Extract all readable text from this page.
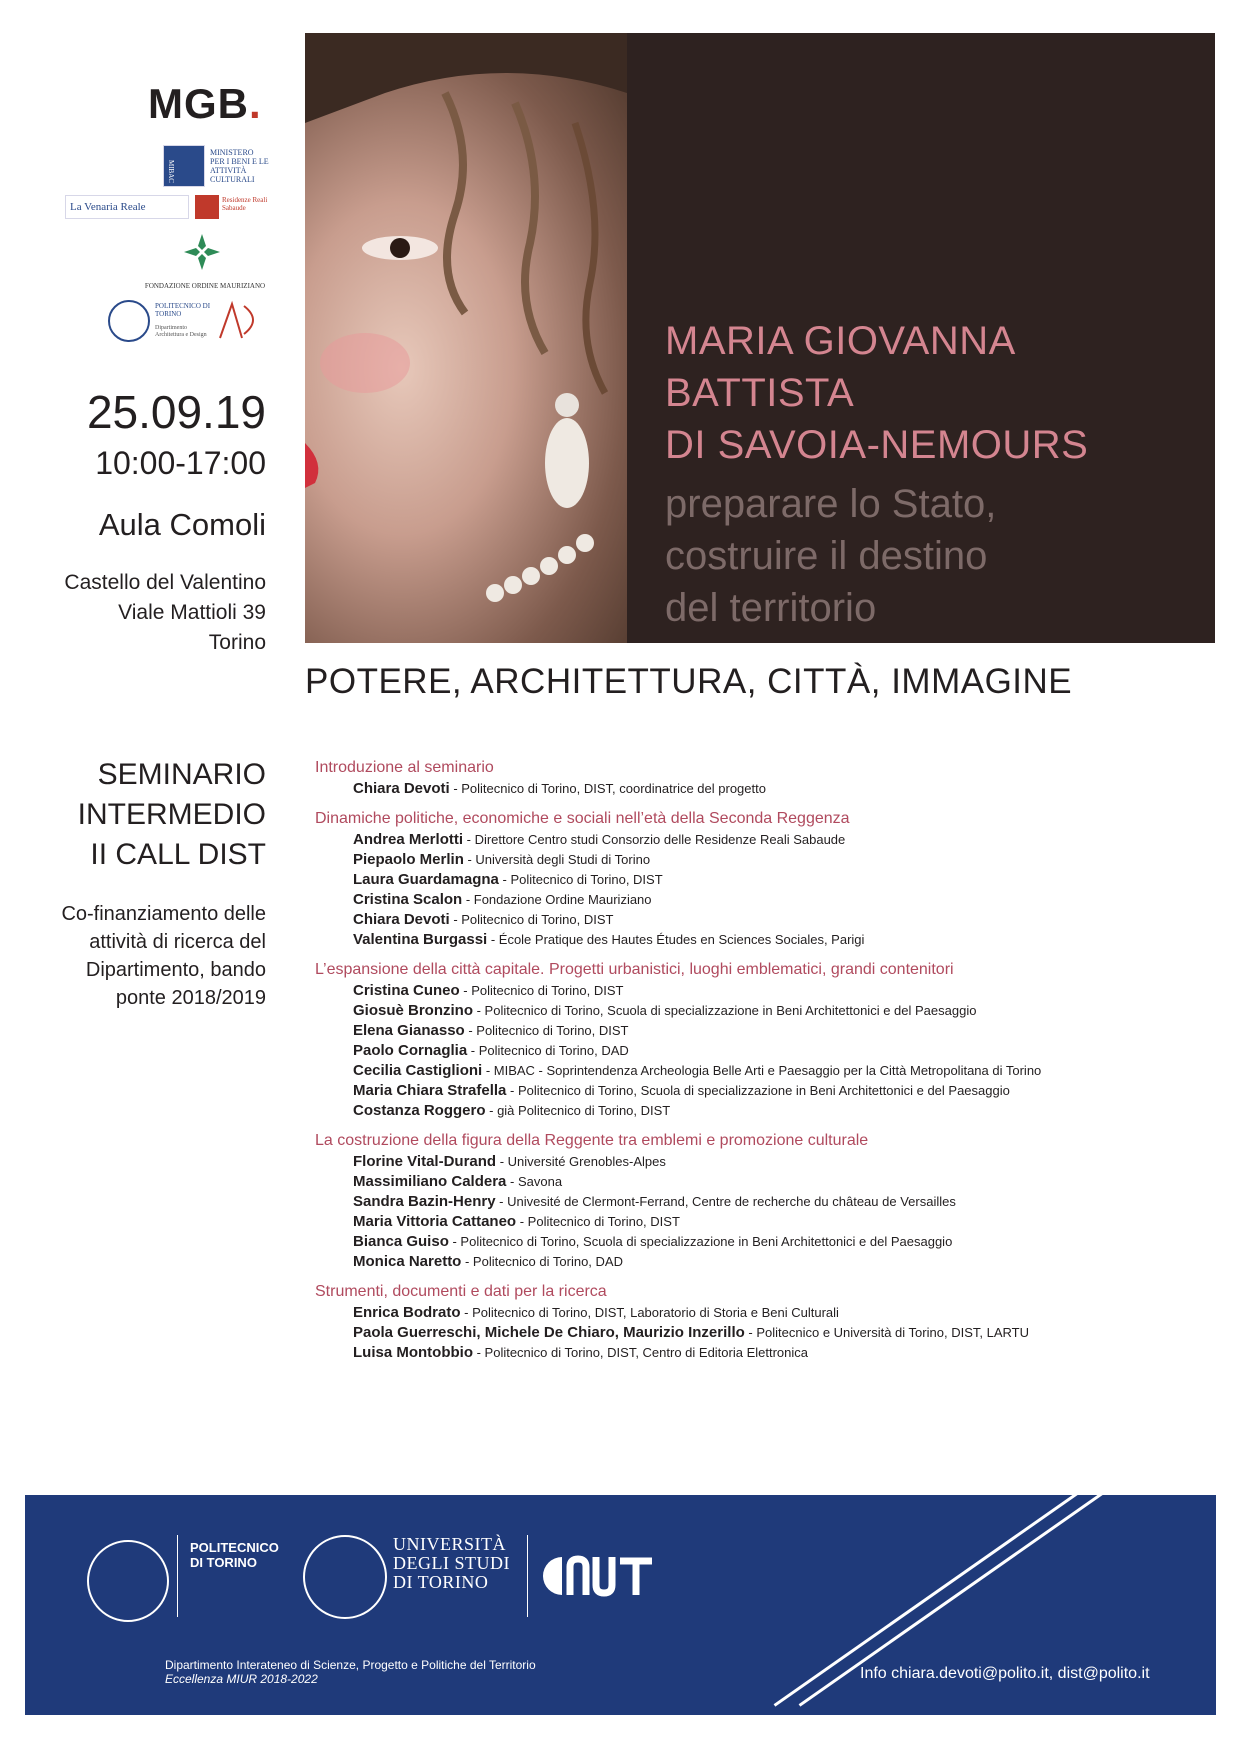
MGB.
MIBAC
MINISTERO PER I BENI E LE ATTIVITÀ CULTURALI
La Venaria Reale
Residenze Reali Sabaude
FONDAZIONE ORDINE MAURIZIANO
POLITECNICO DI TORINO
Dipartimento Architettura e Design
25.09.19
10:00-17:00
Aula Comoli
Castello del Valentino
Viale Mattioli 39
Torino
SEMINARIO
INTERMEDIO
II CALL DIST
Co-finanziamento delle
attività di ricerca del
Dipartimento, bando
ponte 2018/2019
MARIA GIOVANNA
BATTISTA
DI SAVOIA-NEMOURS
preparare lo Stato,
costruire il destino
del territorio
POTERE, ARCHITETTURA, CITTÀ, IMMAGINE
Introduzione al seminario
Chiara Devoti - Politecnico di Torino, DIST, coordinatrice del progetto
Dinamiche politiche, economiche e sociali nell’età della Seconda Reggenza
Andrea Merlotti - Direttore Centro studi Consorzio delle Residenze Reali Sabaude
Piepaolo Merlin - Università degli Studi di Torino
Laura Guardamagna - Politecnico di Torino, DIST
Cristina Scalon - Fondazione Ordine Mauriziano
Chiara Devoti - Politecnico di Torino, DIST
Valentina Burgassi - École Pratique des Hautes Études en Sciences Sociales, Parigi
L’espansione della città capitale. Progetti urbanistici, luoghi emblematici, grandi contenitori
Cristina Cuneo - Politecnico di Torino, DIST
Giosuè Bronzino - Politecnico di Torino, Scuola di specializzazione in Beni Architettonici e del Paesaggio
Elena Gianasso - Politecnico di Torino, DIST
Paolo Cornaglia - Politecnico di Torino, DAD
Cecilia Castiglioni - MIBAC - Soprintendenza Archeologia Belle Arti e Paesaggio per la Città Metropolitana di Torino
Maria Chiara Strafella - Politecnico di Torino, Scuola di specializzazione in Beni Architettonici e del Paesaggio
Costanza Roggero - già Politecnico di Torino, DIST
La costruzione della figura della Reggente tra emblemi e promozione culturale
Florine Vital-Durand - Université Grenobles-Alpes
Massimiliano Caldera - Savona
Sandra Bazin-Henry - Univesité de Clermont-Ferrand, Centre de recherche du château de Versailles
Maria Vittoria Cattaneo - Politecnico di Torino, DIST
Bianca Guiso - Politecnico di Torino, Scuola di specializzazione in Beni Architettonici e del Paesaggio
Monica Naretto - Politecnico di Torino, DAD
Strumenti, documenti e dati per la ricerca
Enrica Bodrato - Politecnico di Torino, DIST, Laboratorio di Storia e Beni Culturali
Paola Guerreschi, Michele De Chiaro, Maurizio Inzerillo - Politecnico e Università di Torino, DIST, LARTU
Luisa Montobbio - Politecnico di Torino, DIST, Centro di Editoria Elettronica
POLITECNICO
DI TORINO
UNIVERSITÀ
DEGLI STUDI
DI TORINO
Dipartimento Interateneo di Scienze, Progetto e Politiche del Territorio
Eccellenza MIUR 2018-2022	Info chiara.devoti@polito.it, dist@polito.it
